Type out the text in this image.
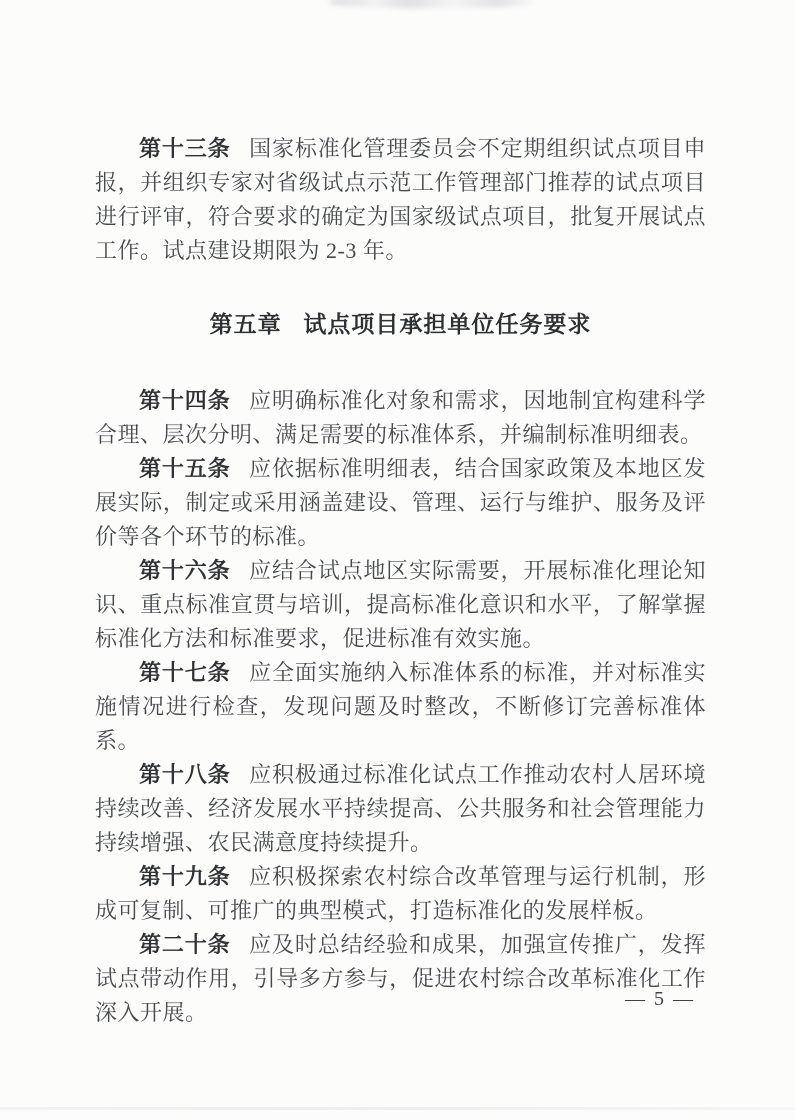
第十三条 国家标准化管理委员会不定期组织试点项目申报，并组织专家对省级试点示范工作管理部门推荐的试点项目进行评审，符合要求的确定为国家级试点项目，批复开展试点工作。试点建设期限为 2-3 年。

第五章 试点项目承担单位任务要求

第十四条 应明确标准化对象和需求，因地制宜构建科学合理、层次分明、满足需要的标准体系，并编制标准明细表。

第十五条 应依据标准明细表，结合国家政策及本地区发展实际，制定或采用涵盖建设、管理、运行与维护、服务及评价等各个环节的标准。

第十六条 应结合试点地区实际需要，开展标准化理论知识、重点标准宣贯与培训，提高标准化意识和水平，了解掌握标准化方法和标准要求，促进标准有效实施。

第十七条 应全面实施纳入标准体系的标准，并对标准实施情况进行检查，发现问题及时整改，不断修订完善标准体系。

第十八条 应积极通过标准化试点工作推动农村人居环境持续改善、经济发展水平持续提高、公共服务和社会管理能力持续增强、农民满意度持续提升。

第十九条 应积极探索农村综合改革管理与运行机制，形成可复制、可推广的典型模式，打造标准化的发展样板。

第二十条 应及时总结经验和成果，加强宣传推广，发挥试点带动作用，引导多方参与，促进农村综合改革标准化工作深入开展。

— 5 —
